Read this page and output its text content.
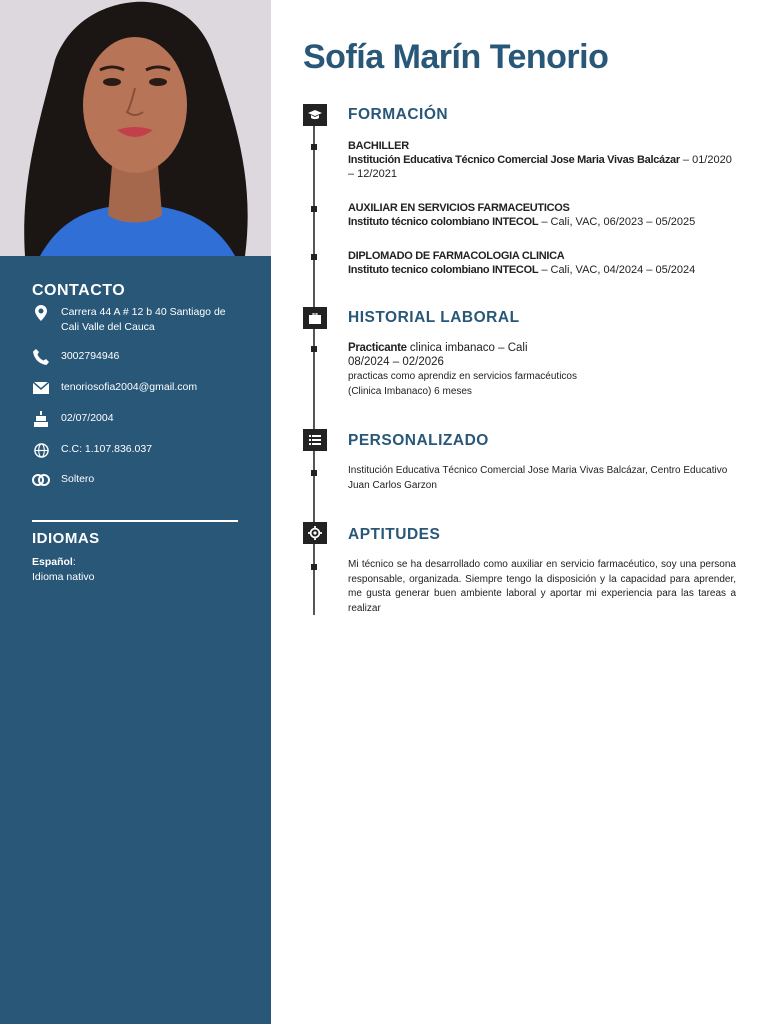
CONTACTO
Carrera 44 A # 12 b 40 Santiago de Cali Valle del Cauca
3002794946
tenoriosofia2004@gmail.com
02/07/2004
C.C: 1.107.836.037
Soltero
IDIOMAS
Español:
Idioma nativo
Sofía Marín Tenorio
FORMACIÓN
BACHILLER
Institución Educativa Técnico Comercial Jose Maria Vivas Balcázar – 01/2020 – 12/2021
AUXILIAR EN SERVICIOS FARMACEUTICOS
Instituto técnico colombiano INTECOL – Cali, VAC, 06/2023 – 05/2025
DIPLOMADO DE FARMACOLOGIA CLINICA
Instituto tecnico colombiano INTECOL – Cali, VAC, 04/2024 – 05/2024
HISTORIAL LABORAL
Practicante clinica imbanaco – Cali
08/2024 – 02/2026
practicas como aprendiz en servicios farmacéuticos
(Clinica Imbanaco) 6 meses
PERSONALIZADO
Institución Educativa Técnico Comercial Jose Maria Vivas Balcázar, Centro Educativo Juan Carlos Garzon
APTITUDES
Mi técnico se ha desarrollado como auxiliar en servicio farmacéutico, soy una persona responsable, organizada. Siempre tengo la disposición y la capacidad para aprender, me gusta generar buen ambiente laboral y aportar mi experiencia para las tareas a realizar
